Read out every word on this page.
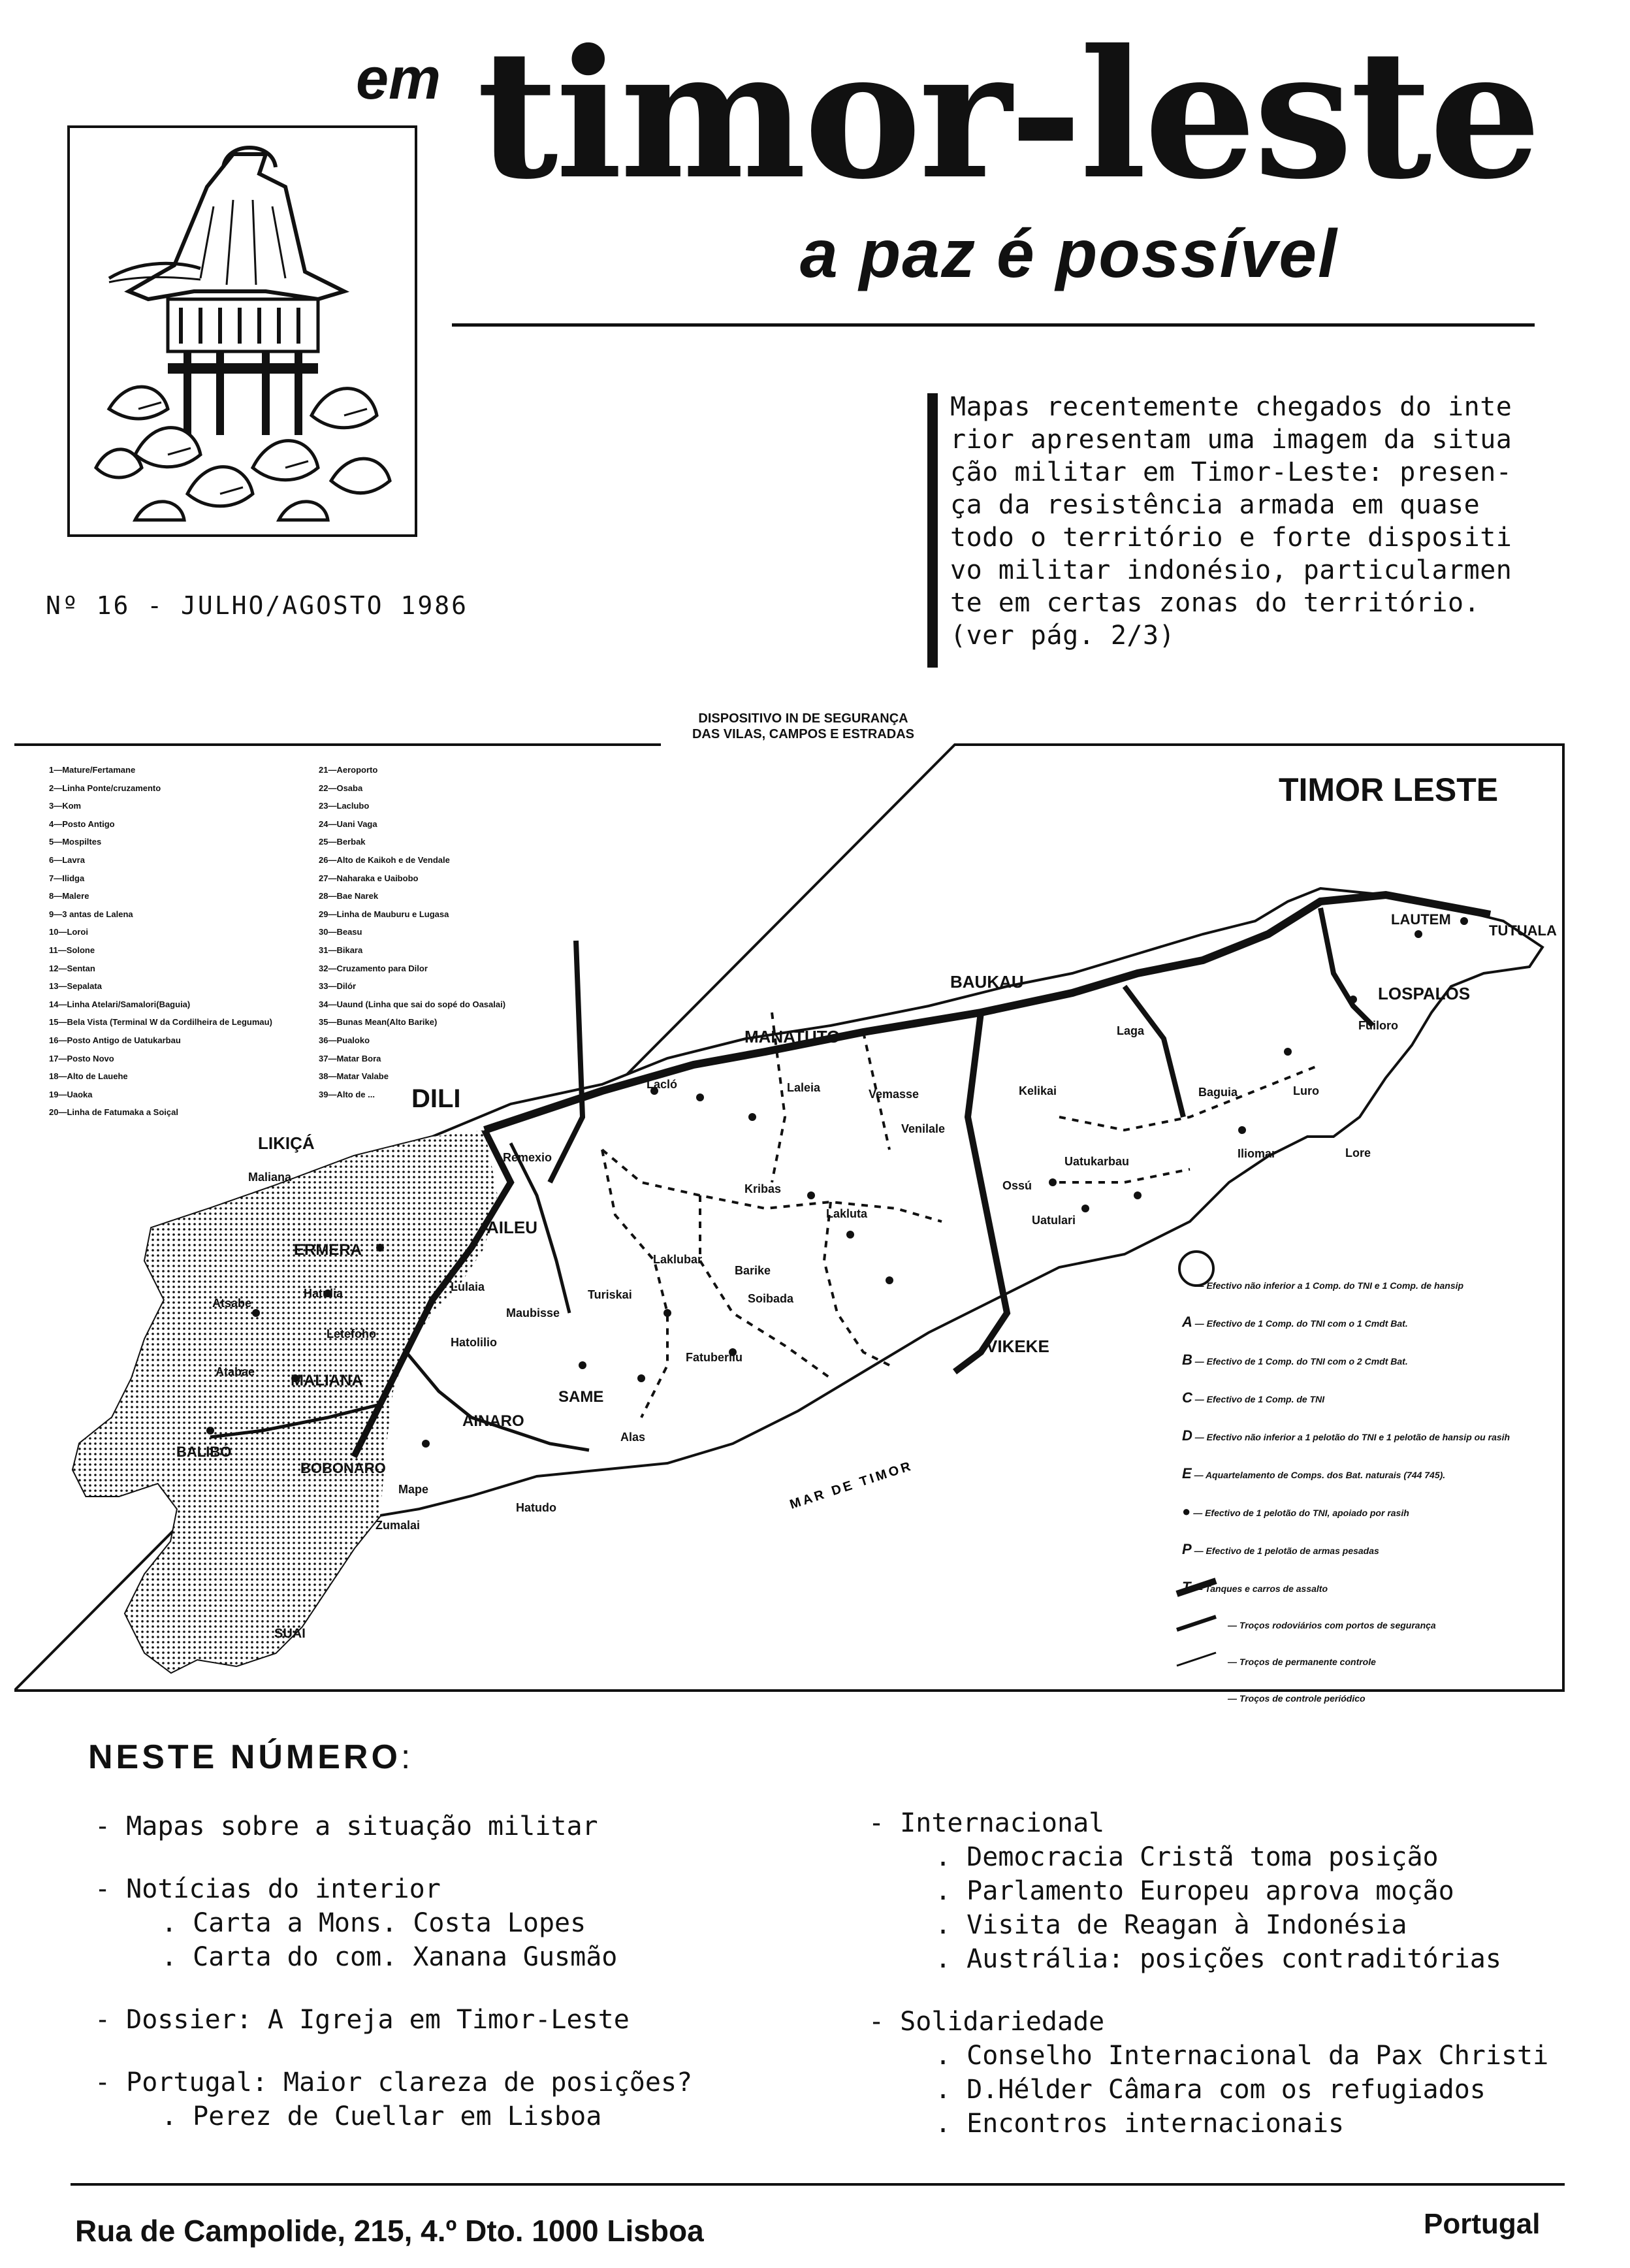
em timor-leste
a paz é possível
Nº 16 - JULHO/AGOSTO 1986
Mapas recentemente chegados do inte
rior apresentam uma imagem da situa
ção militar em Timor-Leste: presen-
ça da resistência armada em quase
todo o território e forte dispositi
vo militar indonésio, particularmen
te em certas zonas do território.
(ver pág. 2/3)
DISPOSITIVO IN DE SEGURANÇA
DAS VILAS, CAMPOS E ESTRADAS
MAR DE TIMOR
TIMOR LESTE
1—Mature/Fertamane
2—Linha Ponte/cruzamento
3—Kom
4—Posto Antigo
5—Mospiltes
6—Lavra
7—Ilidga
8—Malere
9—3 antas de Lalena
10—Loroi
11—Solone
12—Sentan
13—Sepalata
14—Linha Atelari/Samalori(Baguia)
15—Bela Vista (Terminal W da Cordilheira de Legumau)
16—Posto Antigo de Uatukarbau
17—Posto Novo
18—Alto de Lauehe
19—Uaoka
20—Linha de Fatumaka a Soiçal
21—Aeroporto
22—Osaba
23—Laclubo
24—Uani Vaga
25—Berbak
26—Alto de Kaikoh e de Vendale
27—Naharaka e Uaibobo
28—Bae Narek
29—Linha de Mauburu e Lugasa
30—Beasu
31—Bikara
32—Cruzamento para Dilor
33—Dilór
34—Uaund (Linha que sai do sopé do Oasalai)
35—Bunas Mean(Alto Barike)
36—Pualoko
37—Matar Bora
38—Matar Valabe
39—Alto de ...	DILI
LIKIÇÁ
BAUKAU
MANATUTO
LOSPALOS
VIKEKE
AILEU
ERMERA
SAME
AINARO
BALIBÓ
BOBONARO
MALIANA
LAUTEM
TUTUALA
SUAI
Lacló	Laleia
Venilale
Kelikai
Laga
Baguia
Iliomar
Uatukarbau
Uatulari
Ossú
Lakluta
Barike
Soibada
Turiskai
Maubisse
Hatolilio
Laklubar
Fatuberliu
Alas
Hatudo
Mape
Zumalai
Hatulia
Letefoho
Atsabe
Remexio
Lulaia
Atabae
Vemasse
Kribas
Luro
Lore
Fuiloro
Maliana
— Efectivo não inferior a 1 Comp. do TNI e 1 Comp. de hansip
A — Efectivo de 1 Comp. do TNI com o 1 Cmdt Bat.
B — Efectivo de 1 Comp. do TNI com o 2 Cmdt Bat.
C — Efectivo de 1 Comp. de TNI
D — Efectivo não inferior a 1 pelotão do TNI e 1 pelotão de hansip ou rasih
E — Aquartelamento de Comps. dos Bat. naturais (744 745).
● — Efectivo de 1 pelotão do TNI, apoiado por rasih
P — Efectivo de 1 pelotão de armas pesadas
T — Tanques e carros de assalto
— Troços rodoviários com portos de segurança
— Troços de permanente controle
— Troços de controle periódico
NESTE NÚMERO:
- Mapas sobre a situação militar
- Notícias do interior
. Carta a Mons. Costa Lopes
. Carta do com. Xanana Gusmão
- Dossier: A Igreja em Timor-Leste
- Portugal: Maior clareza de posições?
. Perez de Cuellar em Lisboa
- Internacional
. Democracia Cristã toma posição
. Parlamento Europeu aprova moção
. Visita de Reagan à Indonésia
. Austrália: posições contraditórias
- Solidariedade
. Conselho Internacional da Pax Christi
. D.Hélder Câmara com os refugiados
. Encontros internacionais
Rua de Campolide, 215, 4.º Dto. 1000 Lisboa	Portugal
